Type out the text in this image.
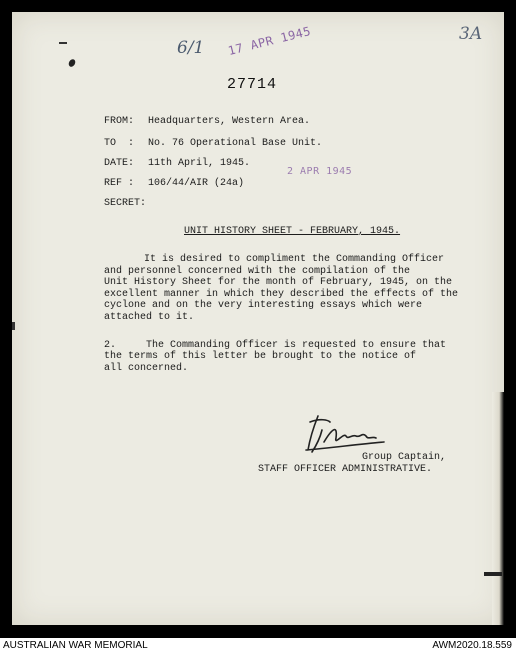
6/1
3A
17 APR 1945
2 APR 1945
27714
FROM: Headquarters, Western Area.
TO  : No. 76 Operational Base Unit.
DATE: 11th April, 1945.
REF : 106/44/AIR (24a)
SECRET:
UNIT HISTORY SHEET - FEBRUARY, 1945.
It is desired to compliment the Commanding Officer
and personnel concerned with the compilation of the
Unit History Sheet for the month of February, 1945, on the
excellent manner in which they described the effects of the
cyclone and on the very interesting essays which were
attached to it.
2.     The Commanding Officer is requested to ensure that
the terms of this letter be brought to the notice of
all concerned.
Group Captain,
STAFF OFFICER ADMINISTRATIVE.
AUSTRALIAN WAR MEMORIAL	AWM2020.18.559
